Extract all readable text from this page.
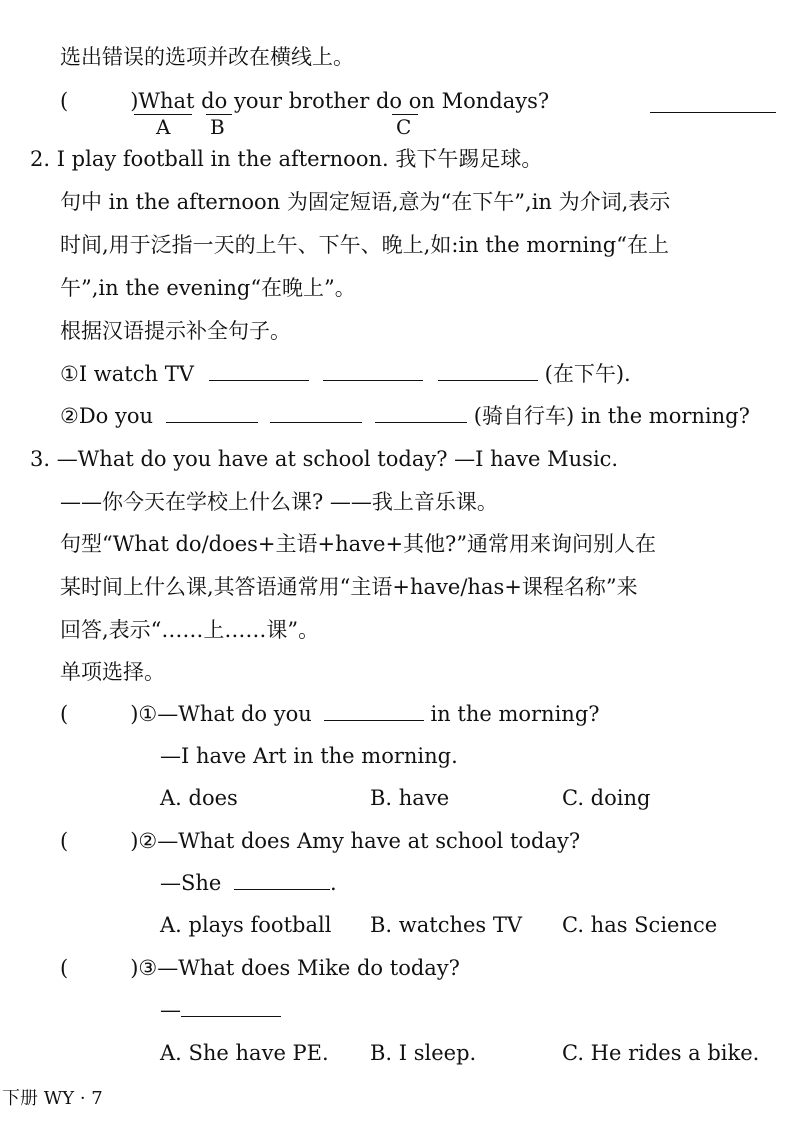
选出错误的选项并改在横线上。
(	)What do your brother do on Mondays?
A B	C
2. I play football in the afternoon. 我下午踢足球。
句中 in the afternoon 为固定短语,意为“在下午”,in 为介词,表示
时间,用于泛指一天的上午、下午、晚上,如:in the morning“在上
午”,in the evening“在晚上”。
根据汉语提示补全句子。
①I watch TV	(在下午).
②Do you	(骑自行车) in the morning?
3. —What do you have at school today? —I have Music.
——你今天在学校上什么课? ——我上音乐课。
句型“What do/does+主语+have+其他?”通常用来询问别人在
某时间上什么课,其答语通常用“主语+have/has+课程名称”来
回答,表示“……上……课”。
单项选择。
(	)①—What do you	in the morning?
—I have Art in the morning.
A. does	B. have	C. doing
(	)②—What does Amy have at school today?
—She	.
A. plays football B. watches TV C. has Science
(	)③—What does Mike do today?
—
A. She have PE. B. I sleep.	C. He rides a bike.
下册 WY · 7
